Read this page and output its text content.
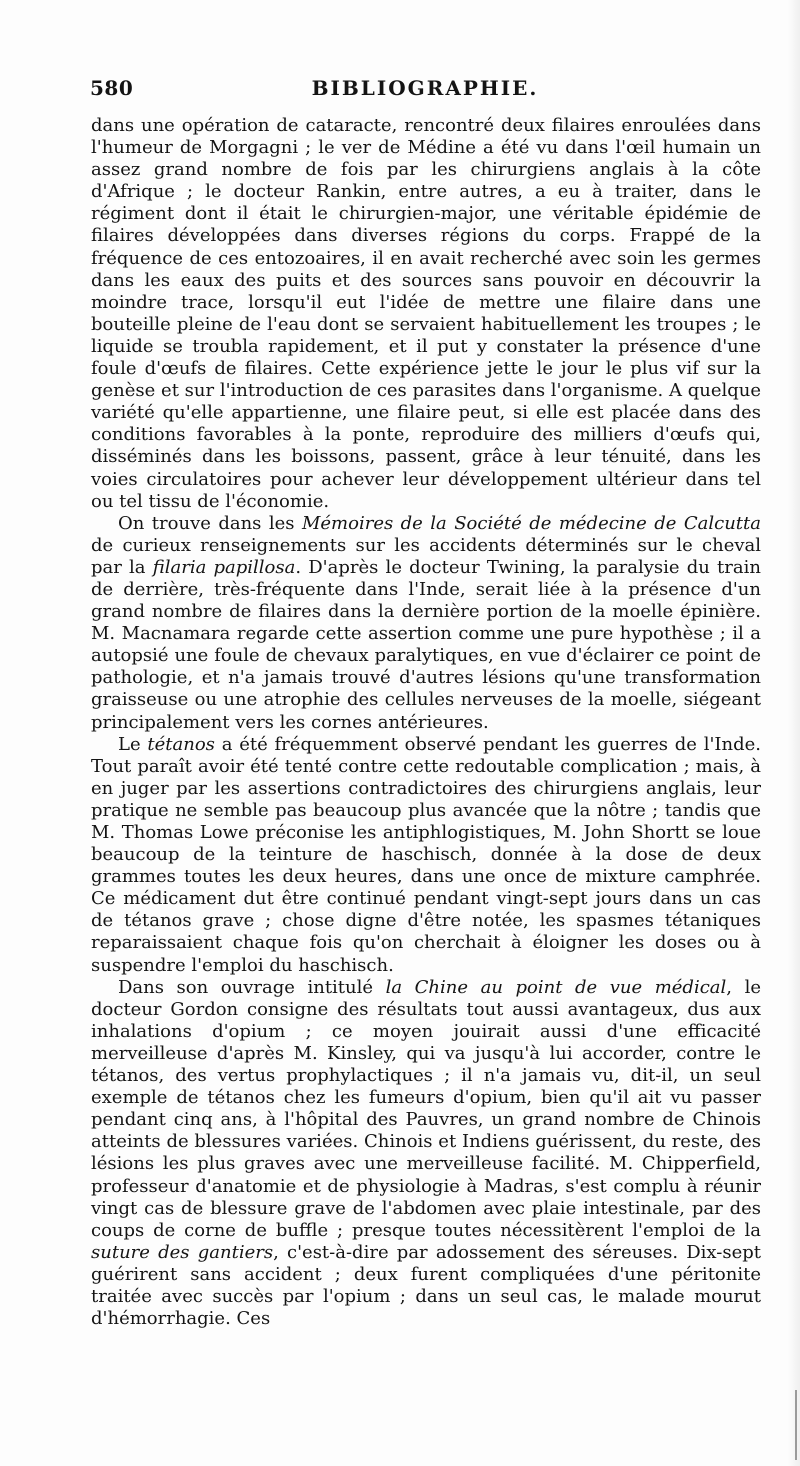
580	BIBLIOGRAPHIE.

dans une opération de cataracte, rencontré deux filaires enroulées dans l'humeur de Morgagni ; le ver de Médine a été vu dans l'œil humain un assez grand nombre de fois par les chirurgiens anglais à la côte d'Afrique ; le docteur Rankin, entre autres, a eu à traiter, dans le régiment dont il était le chirurgien-major, une véritable épidémie de filaires développées dans diverses régions du corps. Frappé de la fréquence de ces entozoaires, il en avait recherché avec soin les germes dans les eaux des puits et des sources sans pouvoir en découvrir la moindre trace, lorsqu'il eut l'idée de mettre une filaire dans une bouteille pleine de l'eau dont se servaient habituellement les troupes ; le liquide se troubla rapidement, et il put y constater la présence d'une foule d'œufs de filaires. Cette expérience jette le jour le plus vif sur la genèse et sur l'introduction de ces parasites dans l'organisme. A quelque variété qu'elle appartienne, une filaire peut, si elle est placée dans des conditions favorables à la ponte, reproduire des milliers d'œufs qui, disséminés dans les boissons, passent, grâce à leur ténuité, dans les voies circulatoires pour achever leur développement ultérieur dans tel ou tel tissu de l'économie.

On trouve dans les Mémoires de la Société de médecine de Calcutta de curieux renseignements sur les accidents déterminés sur le cheval par la filaria papillosa. D'après le docteur Twining, la paralysie du train de derrière, très-fréquente dans l'Inde, serait liée à la présence d'un grand nombre de filaires dans la dernière portion de la moelle épinière. M. Macnamara regarde cette assertion comme une pure hypothèse ; il a autopsié une foule de chevaux paralytiques, en vue d'éclairer ce point de pathologie, et n'a jamais trouvé d'autres lésions qu'une transformation graisseuse ou une atrophie des cellules nerveuses de la moelle, siégeant principalement vers les cornes antérieures.

Le tétanos a été fréquemment observé pendant les guerres de l'Inde. Tout paraît avoir été tenté contre cette redoutable complication ; mais, à en juger par les assertions contradictoires des chirurgiens anglais, leur pratique ne semble pas beaucoup plus avancée que la nôtre ; tandis que M. Thomas Lowe préconise les antiphlogistiques, M. John Shortt se loue beaucoup de la teinture de haschisch, donnée à la dose de deux grammes toutes les deux heures, dans une once de mixture camphrée. Ce médicament dut être continué pendant vingt-sept jours dans un cas de tétanos grave ; chose digne d'être notée, les spasmes tétaniques reparaissaient chaque fois qu'on cherchait à éloigner les doses ou à suspendre l'emploi du haschisch.

Dans son ouvrage intitulé la Chine au point de vue médical, le docteur Gordon consigne des résultats tout aussi avantageux, dus aux inhalations d'opium ; ce moyen jouirait aussi d'une efficacité merveilleuse d'après M. Kinsley, qui va jusqu'à lui accorder, contre le tétanos, des vertus prophylactiques ; il n'a jamais vu, dit-il, un seul exemple de tétanos chez les fumeurs d'opium, bien qu'il ait vu passer pendant cinq ans, à l'hôpital des Pauvres, un grand nombre de Chinois atteints de blessures variées. Chinois et Indiens guérissent, du reste, des lésions les plus graves avec une merveilleuse facilité. M. Chipperfield, professeur d'anatomie et de physiologie à Madras, s'est complu à réunir vingt cas de blessure grave de l'abdomen avec plaie intestinale, par des coups de corne de buffle ; presque toutes nécessitèrent l'emploi de la suture des gantiers, c'est-à-dire par adossement des séreuses. Dix-sept guérirent sans accident ; deux furent compliquées d'une péritonite traitée avec succès par l'opium ; dans un seul cas, le malade mourut d'hémorrhagie. Ces
